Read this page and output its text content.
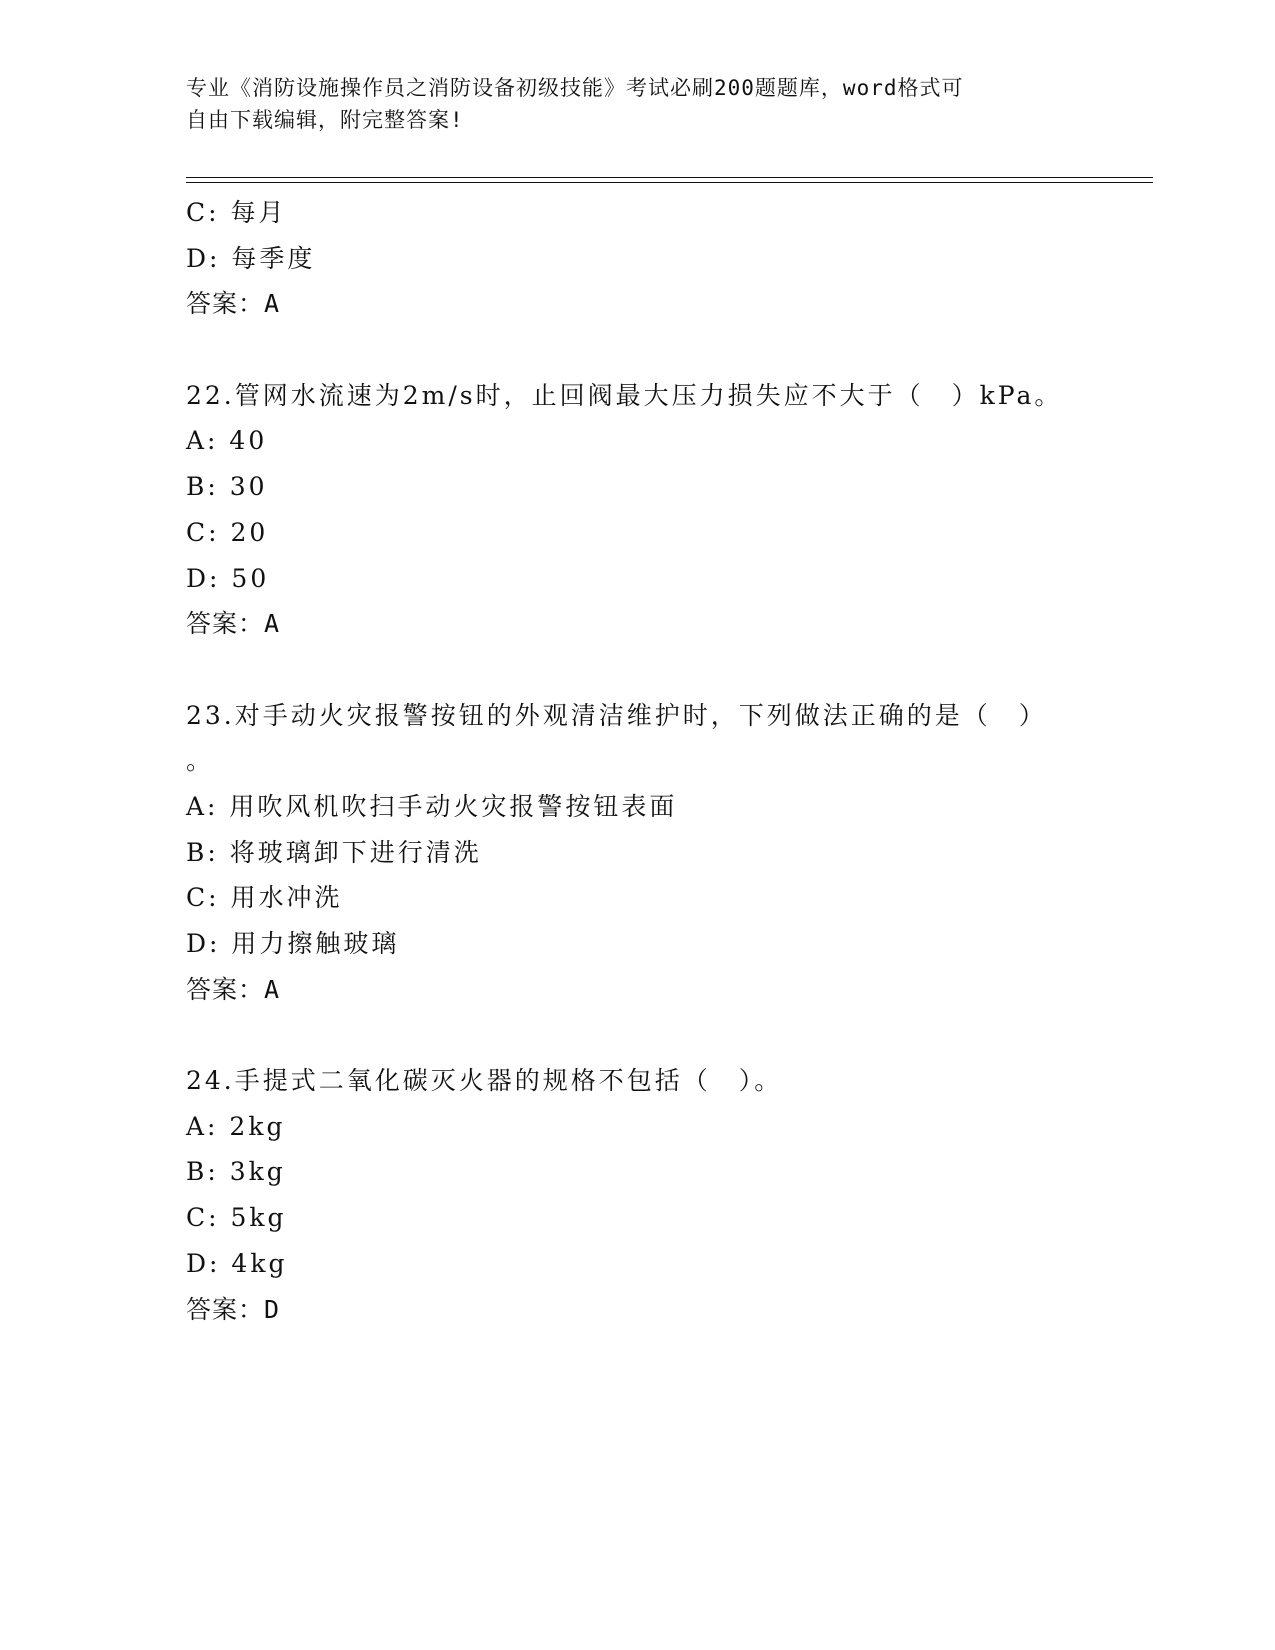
专业《消防设施操作员之消防设备初级技能》考试必刷200题题库，word格式可
自由下载编辑，附完整答案!
C: 每月
D: 每季度
答案：A
22.管网水流速为2m/s时，止回阀最大压力损失应不大于（　）kPa。
A: 40
B: 30
C: 20
D: 50
答案：A
23.对手动火灾报警按钮的外观清洁维护时，下列做法正确的是（　）
。
A: 用吹风机吹扫手动火灾报警按钮表面
B: 将玻璃卸下进行清洗
C: 用水冲洗
D: 用力擦触玻璃
答案：A
24.手提式二氧化碳灭火器的规格不包括（　）。
A: 2kg
B: 3kg
C: 5kg
D: 4kg
答案：D
